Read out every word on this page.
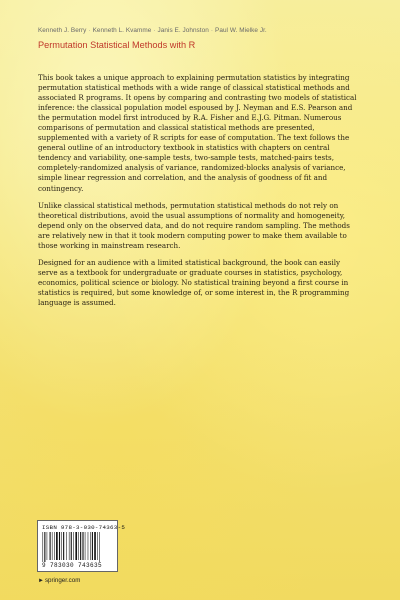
Kenneth J. Berry · Kenneth L. Kvamme · Janis E. Johnston · Paul W. Mielke Jr.
Permutation Statistical Methods with R

This book takes a unique approach to explaining permutation statistics by integrating permutation statistical methods with a wide range of classical statistical methods and associated R programs. It opens by comparing and contrasting two models of statistical inference: the classical population model espoused by J. Neyman and E.S. Pearson and the permutation model first introduced by R.A. Fisher and E.J.G. Pitman. Numerous comparisons of permutation and classical statistical methods are presented, supplemented with a variety of R scripts for ease of computation. The text follows the general outline of an introductory textbook in statistics with chapters on central tendency and variability, one-sample tests, two-sample tests, matched-pairs tests, completely-randomized analysis of variance, randomized-blocks analysis of variance, simple linear regression and correlation, and the analysis of goodness of fit and contingency.

Unlike classical statistical methods, permutation statistical methods do not rely on theoretical distributions, avoid the usual assumptions of normality and homogeneity, depend only on the observed data, and do not require random sampling. The methods are relatively new in that it took modern computing power to make them available to those working in mainstream research.

Designed for an audience with a limited statistical background, the book can easily serve as a textbook for undergraduate or graduate courses in statistics, psychology, economics, political science or biology. No statistical training beyond a first course in statistics is required, but some knowledge of, or some interest in, the R programming language is assumed.

ISBN 978-3-030-74363-5
9 783030 743635
►springer.com
